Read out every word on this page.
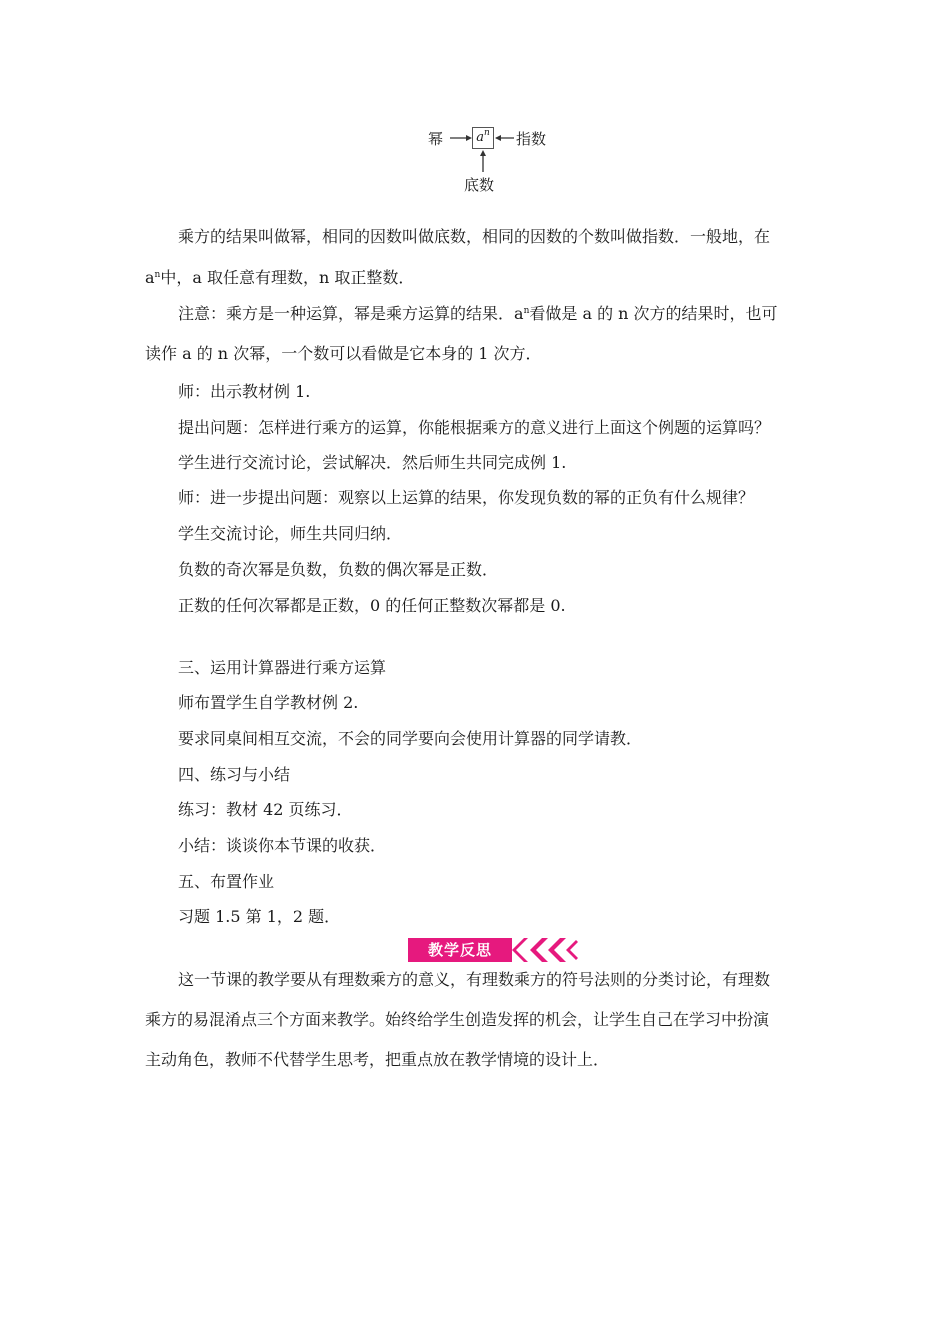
幂	$a^n$ 指数
底数
乘方的结果叫做幂，相同的因数叫做底数，相同的因数的个数叫做指数．一般地，在
$a^n$中，a 取任意有理数，n 取正整数．
注意：乘方是一种运算，幂是乘方运算的结果．$a^n$看做是 a 的 n 次方的结果时，也可
读作 a 的 n 次幂，一个数可以看做是它本身的 1 次方．
师：出示教材例 1.
提出问题：怎样进行乘方的运算，你能根据乘方的意义进行上面这个例题的运算吗？
学生进行交流讨论，尝试解决．然后师生共同完成例 1.
师：进一步提出问题：观察以上运算的结果，你发现负数的幂的正负有什么规律？
学生交流讨论，师生共同归纳．
负数的奇次幂是负数，负数的偶次幂是正数．
正数的任何次幂都是正数，0 的任何正整数次幂都是 0.
三、运用计算器进行乘方运算
师布置学生自学教材例 2.
要求同桌间相互交流，不会的同学要向会使用计算器的同学请教．
四、练习与小结
练习：教材 42 页练习．
小结：谈谈你本节课的收获．
五、布置作业
习题 1.5 第 1，2 题．
教学反思
这一节课的教学要从有理数乘方的意义，有理数乘方的符号法则的分类讨论，有理数
乘方的易混淆点三个方面来教学。始终给学生创造发挥的机会，让学生自己在学习中扮演
主动角色，教师不代替学生思考，把重点放在教学情境的设计上．
